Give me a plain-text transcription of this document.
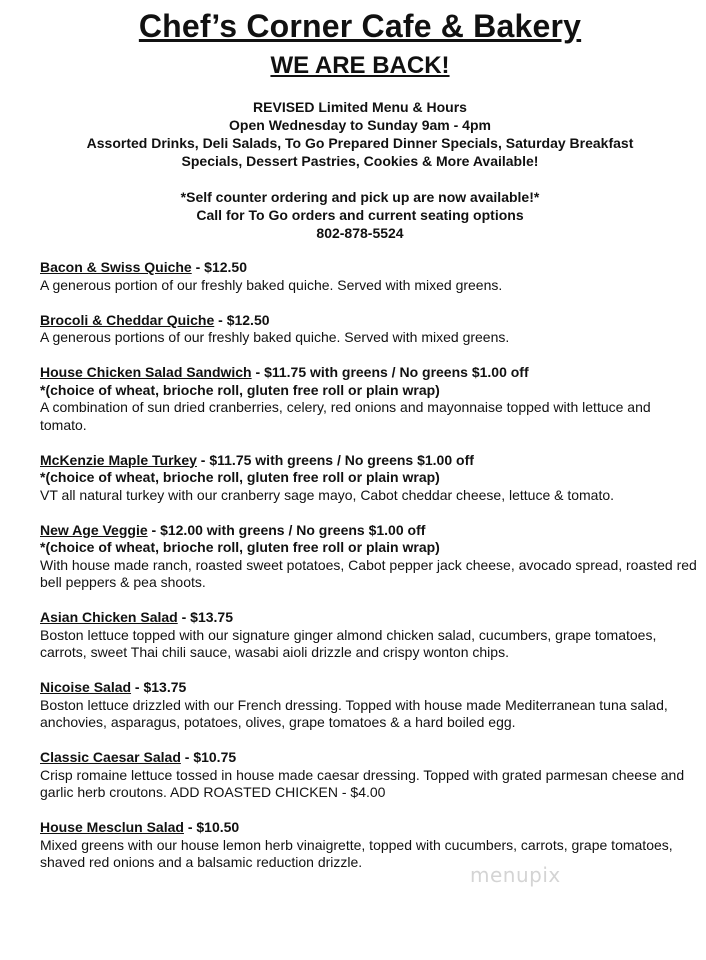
Chef’s Corner Cafe & Bakery
WE ARE BACK!
REVISED Limited Menu & Hours
Open Wednesday to Sunday 9am - 4pm
Assorted Drinks, Deli Salads, To Go Prepared Dinner Specials, Saturday Breakfast
Specials, Dessert Pastries, Cookies & More Available!
*Self counter ordering and pick up are now available!*
Call for To Go orders and current seating options
802-878-5524
Bacon & Swiss Quiche - $12.50
A generous portion of our freshly baked quiche. Served with mixed greens.
Brocoli & Cheddar Quiche - $12.50
A generous portions of our freshly baked quiche. Served with mixed greens.
House Chicken Salad Sandwich - $11.75 with greens / No greens $1.00 off
*(choice of wheat, brioche roll, gluten free roll or plain wrap)
A combination of sun dried cranberries, celery, red onions and mayonnaise topped with lettuce and tomato.
McKenzie Maple Turkey - $11.75 with greens / No greens $1.00 off
*(choice of wheat, brioche roll, gluten free roll or plain wrap)
VT all natural turkey with our cranberry sage mayo, Cabot cheddar cheese, lettuce & tomato.
New Age Veggie - $12.00 with greens / No greens $1.00 off
*(choice of wheat, brioche roll, gluten free roll or plain wrap)
With house made ranch, roasted sweet potatoes, Cabot pepper jack cheese, avocado spread, roasted red bell peppers & pea shoots.
Asian Chicken Salad - $13.75
Boston lettuce topped with our signature ginger almond chicken salad, cucumbers, grape tomatoes, carrots, sweet Thai chili sauce, wasabi aioli drizzle and crispy wonton chips.
Nicoise Salad - $13.75
Boston lettuce drizzled with our French dressing. Topped with house made Mediterranean tuna salad, anchovies, asparagus, potatoes, olives, grape tomatoes & a hard boiled egg.
Classic Caesar Salad - $10.75
Crisp romaine lettuce tossed in house made caesar dressing. Topped with grated parmesan cheese and garlic herb croutons. ADD ROASTED CHICKEN - $4.00
House Mesclun Salad - $10.50
Mixed greens with our house lemon herb vinaigrette, topped with cucumbers, carrots, grape tomatoes, shaved red onions and a balsamic reduction drizzle.
menupix
